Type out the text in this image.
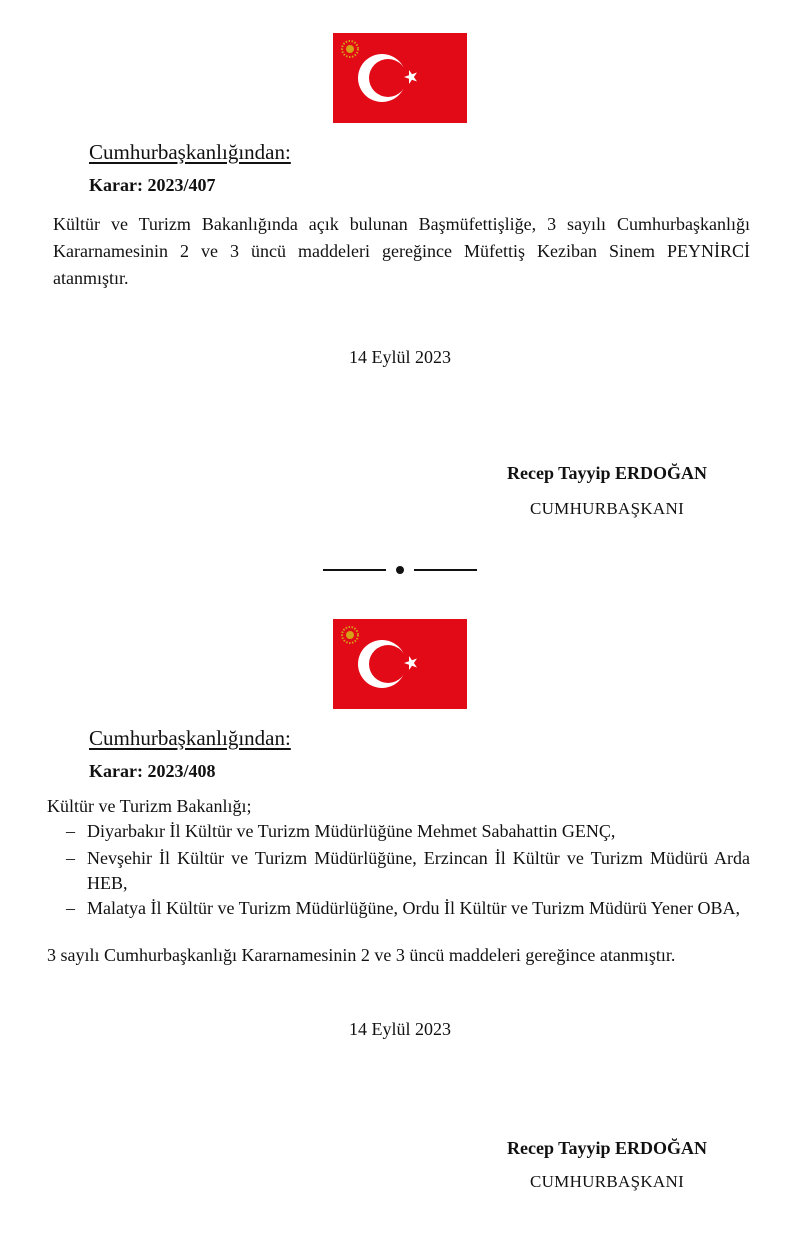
Cumhurbaşkanlığından:
Karar: 2023/407
Kültür ve Turizm Bakanlığında açık bulunan Başmüfettişliğe, 3 sayılı Cumhurbaşkanlığı Kararnamesinin 2 ve 3 üncü maddeleri gereğince Müfettiş Keziban Sinem PEYNİRCİ atanmıştır.
14 Eylül 2023
Recep Tayyip ERDOĞAN
CUMHURBAŞKANI
Cumhurbaşkanlığından:
Karar: 2023/408
Kültür ve Turizm Bakanlığı;
– Diyarbakır İl Kültür ve Turizm Müdürlüğüne Mehmet Sabahattin GENÇ,
– Nevşehir İl Kültür ve Turizm Müdürlüğüne, Erzincan İl Kültür ve Turizm Müdürü Arda HEB,
– Malatya İl Kültür ve Turizm Müdürlüğüne, Ordu İl Kültür ve Turizm Müdürü Yener OBA,
3 sayılı Cumhurbaşkanlığı Kararnamesinin 2 ve 3 üncü maddeleri gereğince atanmıştır.
14 Eylül 2023
Recep Tayyip ERDOĞAN
CUMHURBAŞKANI
